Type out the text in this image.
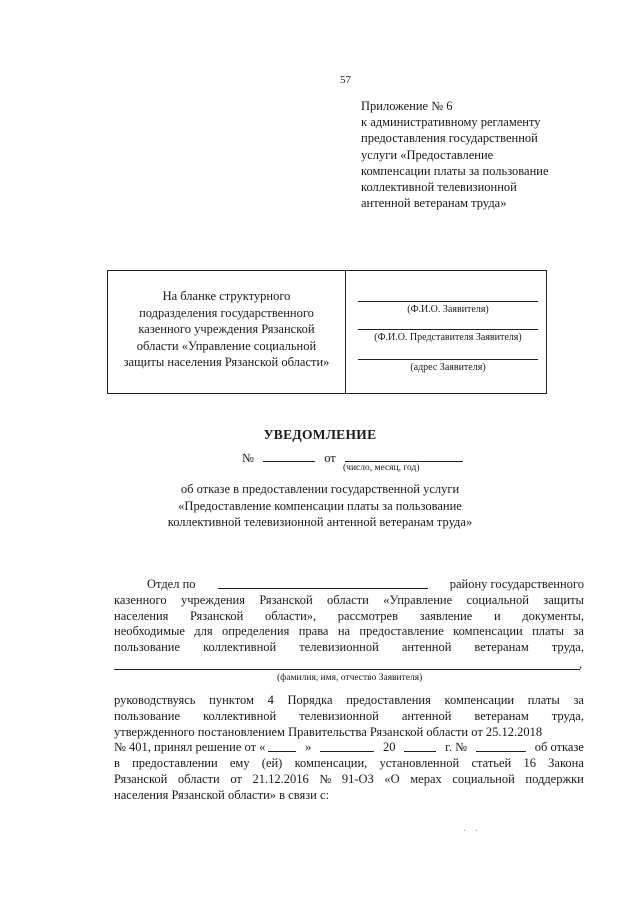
57
Приложение № 6
к административному регламенту
предоставления государственной
услуги «Предоставление
компенсации платы за пользование
коллективной телевизионной
антенной ветеранам труда»
На бланке структурного
подразделения государственного
казенного учреждения Рязанской
области «Управление социальной
защиты населения Рязанской области»
(Ф.И.О. Заявителя)
(Ф.И.О. Представителя Заявителя)
(адрес Заявителя)
УВЕДОМЛЕНИЕ
№	от
(число, месяц, год)
об отказе в предоставлении государственной услуги
«Предоставление компенсации платы за пользование
коллективной телевизионной антенной ветеранам труда»
Отдел по	району государственного
казенного учреждения Рязанской области «Управление социальной защиты
населения Рязанской области», рассмотрев заявление и документы,
необходимые для определения права на предоставление компенсации платы за
пользование коллективной телевизионной антенной ветеранам труда,
,
(фамилия, имя, отчество Заявителя)
руководствуясь пунктом 4 Порядка предоставления компенсации платы за
пользование коллективной телевизионной антенной ветеранам труда,
утвержденного постановлением Правительства Рязанской области от 25.12.2018
№ 401, принял решение от «	»	20	г. №	об отказе
в предоставлении ему (ей) компенсации, установленной статьей 16 Закона
Рязанской области от 21.12.2016 № 91-ОЗ «О мерах социальной поддержки
населения Рязанской области» в связи с:
· ·
